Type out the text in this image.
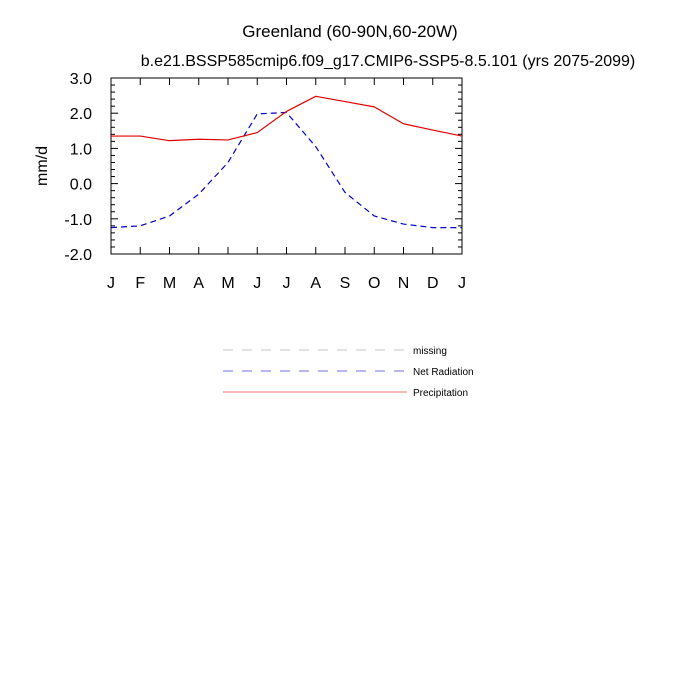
Greenland (60-90N,60-20W)
b.e21.BSSP585cmip6.f09_g17.CMIP6-SSP5-8.5.101 (yrs 2075-2099)
mm/d
-2.0
-1.0
0.0
1.0
2.0
3.0
J F M A M J J A S O N D J
missing
Net Radiation
Precipitation
